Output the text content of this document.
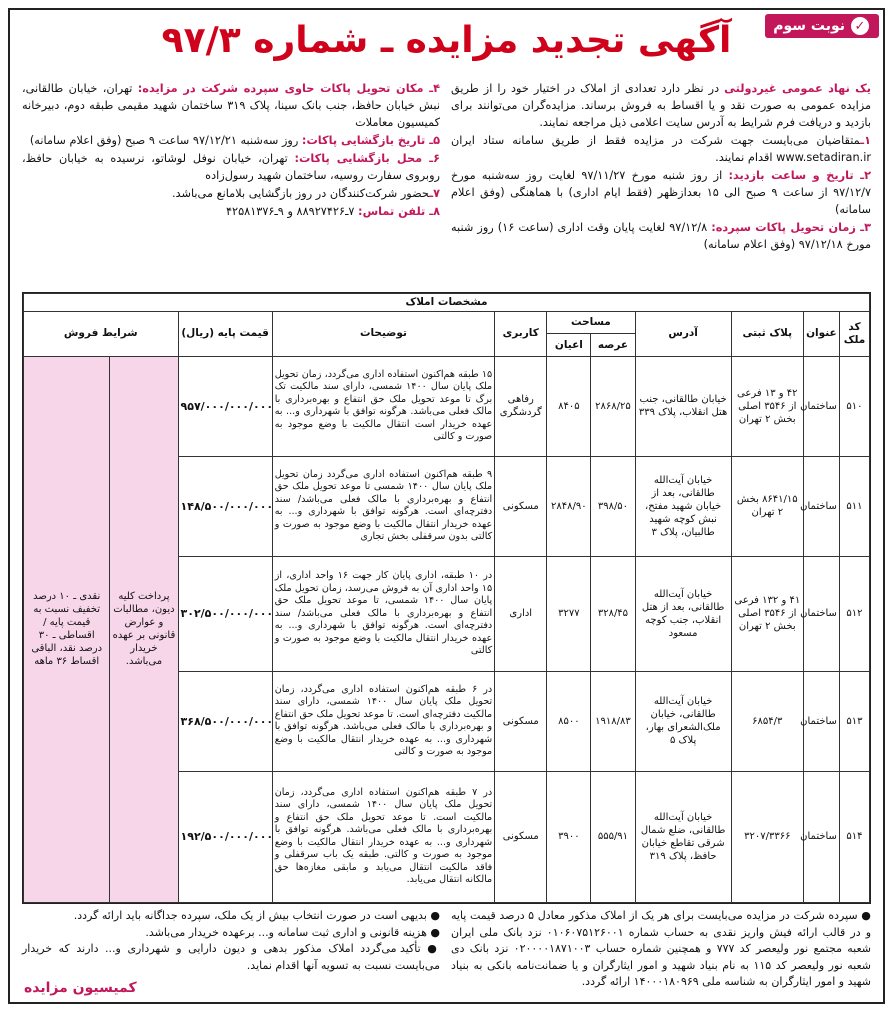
✓
نوبت سوم
آگهی تجدید مزایده ـ شماره ۹۷/۳

یک نهاد عمومی غیردولتی در نظر دارد تعدادی از املاک در اختیار خود را از طریق مزایده عمومی به صورت نقد و یا اقساط به فروش برساند. مزایده‌گران می‌توانند برای بازدید و دریافت فرم شرایط به آدرس سایت اعلامی ذیل مراجعه نمایند.

۱ـمتقاضیان می‌بایست جهت شرکت در مزایده فقط از طریق سامانه ستاد ایران www.setadiran.ir اقدام نمایند.

۲ـ تاریخ و ساعت بازدید: از روز شنبه مورخ ۹۷/۱۱/۲۷ لغایت روز سه‌شنبه مورخ ۹۷/۱۲/۷ از ساعت ۹ صبح الی ۱۵ بعدازظهر (فقط ایام اداری) با هماهنگی (وفق اعلام سامانه)

۳ـ زمان تحویل پاکات سپرده: ۹۷/۱۲/۸ لغایت پایان وقت اداری (ساعت ۱۶) روز شنبه مورخ ۹۷/۱۲/۱۸ (وفق اعلام سامانه)

۴ـ مکان تحویل پاکات حاوی سپرده شرکت در مزایده: تهران، خیابان طالقانی، نبش خیابان حافظ، جنب بانک سینا، پلاک ۳۱۹ ساختمان شهید مقیمی طبقه دوم، دبیرخانه کمیسیون معاملات

۵ـ تاریخ بازگشایی پاکات: روز سه‌شنبه ۹۷/۱۲/۲۱ ساعت ۹ صبح (وفق اعلام سامانه)

۶ـ محل بازگشایی پاکات: تهران، خیابان نوفل لوشاتو، نرسیده به خیابان حافظ، روبروی سفارت روسیه، ساختمان شهید رسول‌زاده

۷ـحضور شرکت‌کنندگان در روز بازگشایی بلامانع می‌باشد.

۸ـ تلفن تماس: ۷ـ۸۸۹۲۷۴۲۶ و ۹ـ۴۲۵۸۱۳۷۶

مشخصات املاک										
کد ملک	عنوان	پلاک ثبتی	آدرس	مساحت		کاربری	توضیحات	قیمت پایه (ریال)	شرایط فروش	
				عرصه	اعیان					
۵۱۰	ساختمان	۴۲ و ۱۳ فرعی از ۳۵۴۶ اصلی بخش ۲ تهران	خیابان طالقانی، جنب هتل انقلاب، پلاک ۳۳۹	۲۸۶۸/۲۵	۸۴۰۵	رفاهی گردشگری	۱۵ طبقه هم‌اکنون استفاده اداری می‌گردد، زمان تحویل ملک پایان سال ۱۴۰۰ شمسی، دارای سند مالکیت تک برگ تا موعد تحویل ملک حق انتفاع و بهره‌برداری با مالک فعلی می‌باشد. هرگونه توافق با شهرداری و... به عهده خریدار است انتقال مالکیت با وضع موجود به صورت و کالتی	۹۵۷/۰۰۰/۰۰۰/۰۰۰	پرداخت کلیه دیون، مطالبات و عوارض قانونی بر عهده خریدار می‌باشد.	نقدی ـ ۱۰ درصد تخفیف نسبت به قیمت پایه / اقساطی ـ ۳۰ درصد نقد، الباقی اقساط ۳۶ ماهه
۵۱۱	ساختمان	۸۶۴۱/۱۵ بخش ۲ تهران	خیابان آیت‌الله طالقانی، بعد از خیابان شهید مفتح، نبش کوچه شهید طالبیان، پلاک ۳	۳۹۸/۵۰	۲۸۴۸/۹۰	مسکونی	۹ طبقه هم‌اکنون استفاده اداری می‌گردد زمان تحویل ملک پایان سال ۱۴۰۰ شمسی تا موعد تحویل ملک حق انتفاع و بهره‌برداری با مالک فعلی می‌باشد/ سند دفترچه‌ای است. هرگونه توافق با شهرداری و... به عهده خریدار انتقال مالکیت با وضع موجود به صورت و کالتی بدون سرقفلی بخش تجاری	۱۴۸/۵۰۰/۰۰۰/۰۰۰		
۵۱۲	ساختمان	۴۱ و ۱۳۲ فرعی از ۳۵۴۶ اصلی بخش ۲ تهران	خیابان آیت‌الله طالقانی، بعد از هتل انقلاب، جنب کوچه مسعود	۳۲۸/۴۵	۳۲۷۷	اداری	در ۱۰ طبقه، اداری پایان کار جهت ۱۶ واحد اداری، از ۱۵ واحد اداری آن به فروش می‌رسد، زمان تحویل ملک پایان سال ۱۴۰۰ شمسی، تا موعد تحویل ملک حق انتفاع و بهره‌برداری با مالک فعلی می‌باشد/ سند دفترچه‌ای است. هرگونه توافق با شهرداری و... به عهده خریدار انتقال مالکیت با وضع موجود به صورت و کالتی	۳۰۲/۵۰۰/۰۰۰/۰۰۰		
۵۱۳	ساختمان	۶۸۵۴/۳	خیابان آیت‌الله طالقانی، خیابان ملک‌الشعرای بهار، پلاک ۵	۱۹۱۸/۸۳	۸۵۰۰	مسکونی	در ۶ طبقه هم‌اکنون استفاده اداری می‌گردد، زمان تحویل ملک پایان سال ۱۴۰۰ شمسی، دارای سند مالکیت دفترچه‌ای است. تا موعد تحویل ملک حق انتفاع و بهره‌برداری با مالک فعلی می‌باشد. هرگونه توافق با شهرداری و... به عهده خریدار انتقال مالکیت با وضع موجود به صورت و کالتی	۳۶۸/۵۰۰/۰۰۰/۰۰۰		
۵۱۴	ساختمان	۳۲۰۷/۳۳۶۶	خیابان آیت‌الله طالقانی، ضلع شمال شرقی تقاطع خیابان حافظ، پلاک ۳۱۹	۵۵۵/۹۱	۳۹۰۰	مسکونی	در ۷ طبقه هم‌اکنون استفاده اداری می‌گردد، زمان تحویل ملک پایان سال ۱۴۰۰ شمسی، دارای سند مالکیت است. تا موعد تحویل ملک حق انتفاع و بهره‌برداری با مالک فعلی می‌باشد. هرگونه توافق با شهرداری و... به عهده خریدار انتقال مالکیت با وضع موجود به صورت و کالتی. طبقه یک باب سرقفلی و فاقد مالکیت انتقال می‌یابد و مابقی مغازه‌ها حق مالکانه انتقال می‌یابد.	۱۹۲/۵۰۰/۰۰۰/۰۰۰		

● سپرده شرکت در مزایده می‌بایست برای هر یک از املاک مذکور معادل ۵ درصد قیمت پایه و در قالب ارائه فیش واریز نقدی به حساب شماره ۰۱۰۶۰۷۵۱۲۶۰۰۱ نزد بانک ملی ایران شعبه مجتمع نور ولیعصر کد ۷۷۷ و همچنین شماره حساب ۰۲۰۰۰۰۱۸۷۱۰۰۳ نزد بانک دی شعبه نور ولیعصر کد ۱۱۵ به نام بنیاد شهید و امور ایثارگران و یا ضمانت‌نامه بانکی به بنیاد شهید و امور ایثارگران به شناسه ملی ۱۴۰۰۰۱۸۰۹۶۹ ارائه گردد.

● بدیهی است در صورت انتخاب بیش از یک ملک، سپرده جداگانه باید ارائه گردد.

● هزینه قانونی و اداری ثبت سامانه و... برعهده خریدار می‌باشد.

● تأکید می‌گردد املاک مذکور بدهی و دیون دارایی و شهرداری و... دارند که خریدار می‌بایست نسبت به تسویه آنها اقدام نماید.

کمیسیون مزایده
